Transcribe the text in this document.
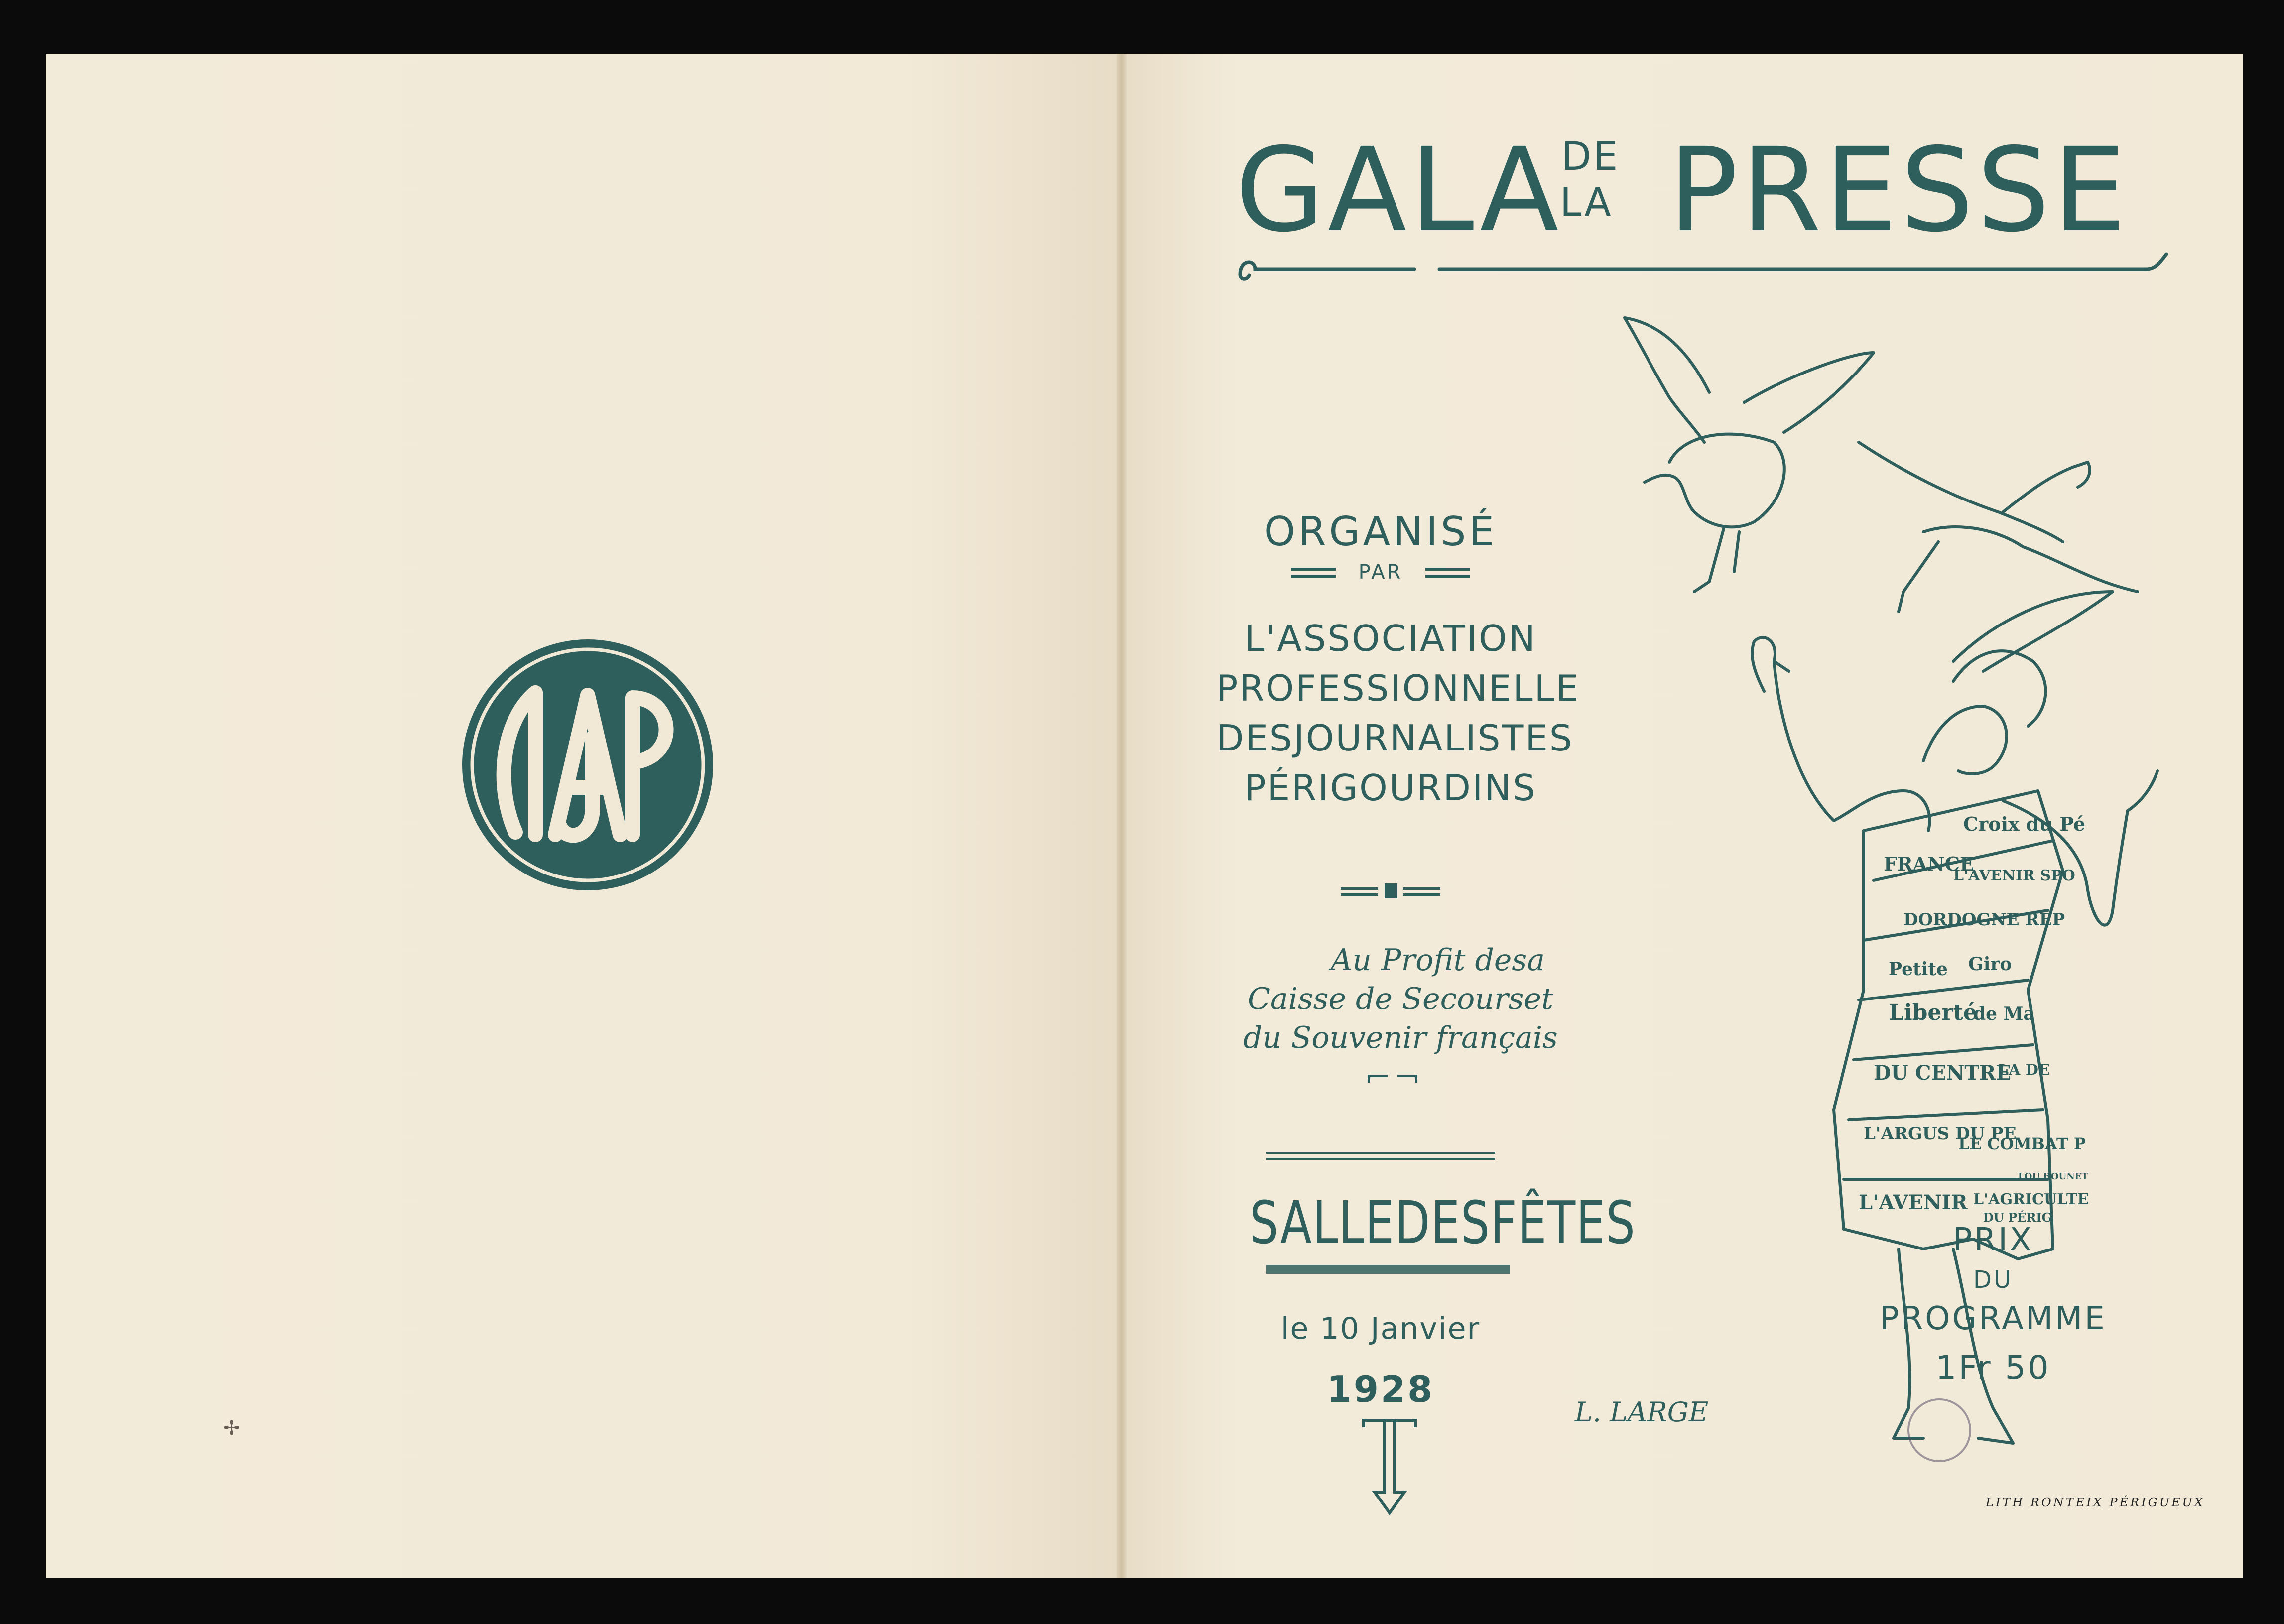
✢
GALA DE
LA PRESSE
ORGANISÉ
PAR
L'ASSOCIATION
PROFESSIONNELLE
DESJOURNALISTES
PÉRIGOURDINS
Au Profit desa
Caisse de Secourset
du Souvenir français
SALLEDESFÊTES
le 10 Janvier
1928
FRANCE
Croix du Pé
L'AVENIR SPO
DORDOGNE REP
Petite Giro
Liberté
de Ma
DU CENTRE
LA DE
L'ARGUS DU PE
LE COMBAT P
L'AVENIR L'AGRICULTE
DU PÉRIG
LOU BOUNET
L. LARGE
PRIX
DU
PROGRAMME
1Fr 50
LITH RONTEIX PÉRIGUEUX
